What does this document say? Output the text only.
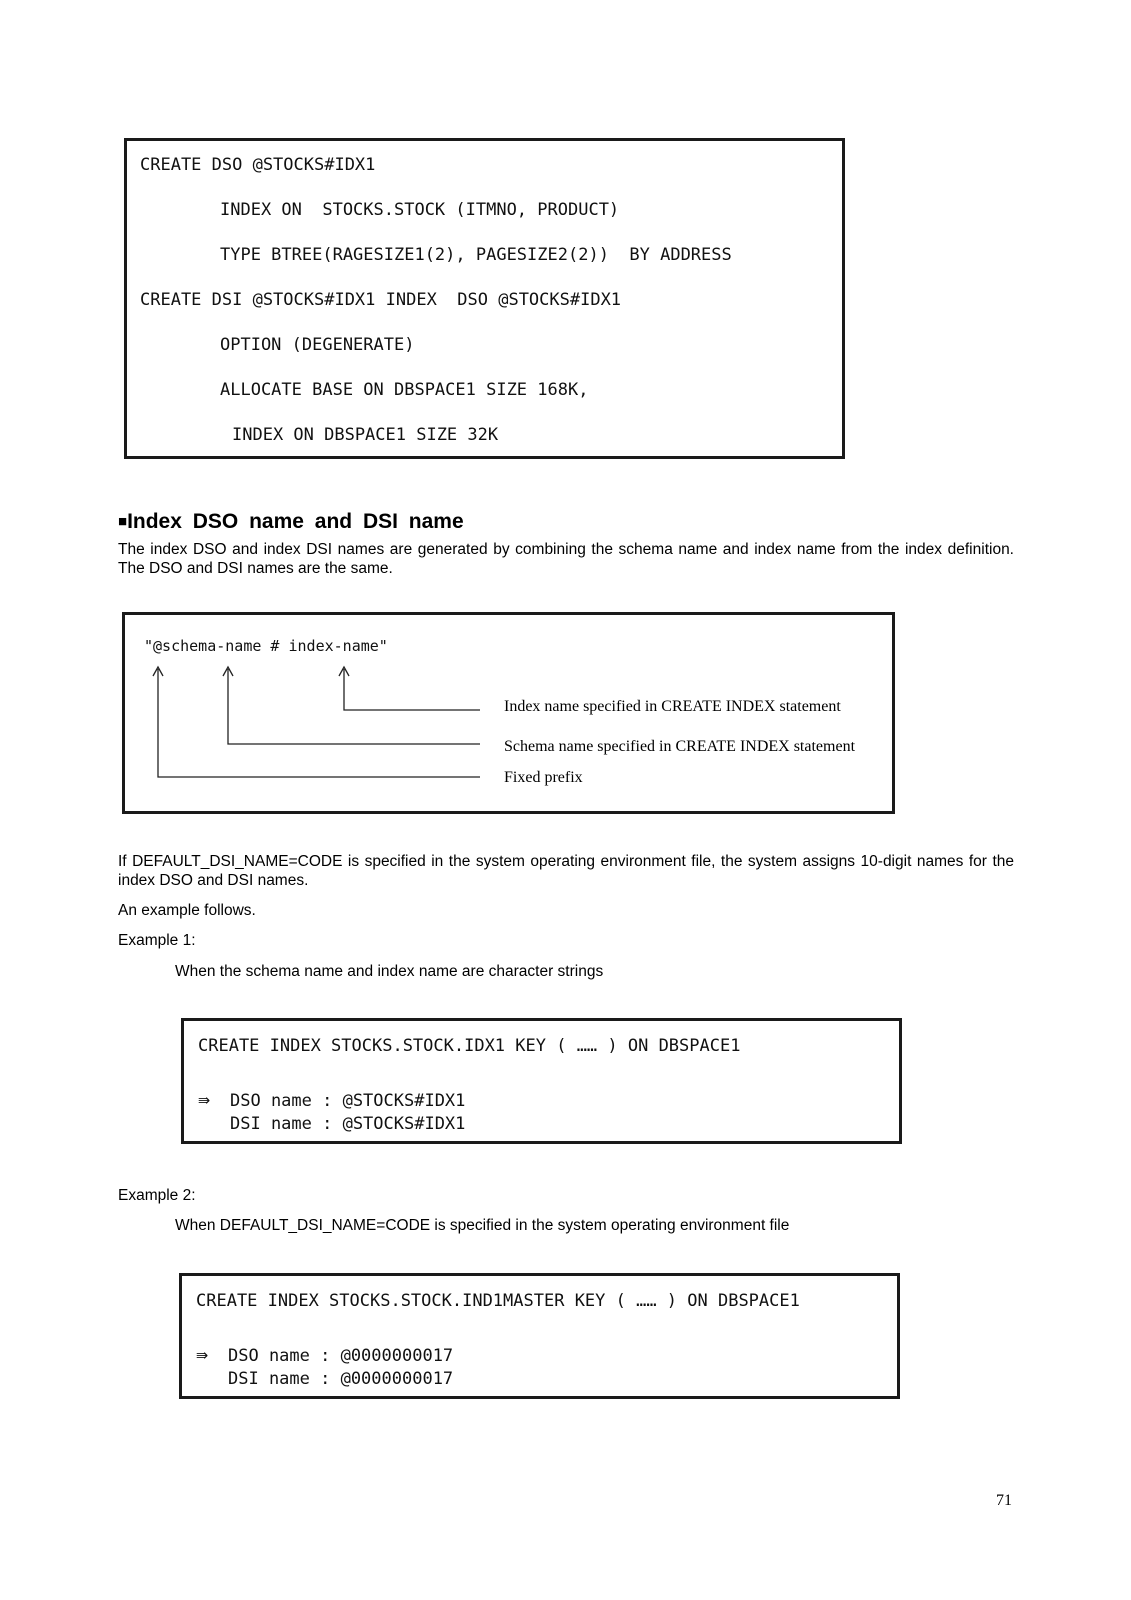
CREATE DSO @STOCKS#IDX1
INDEX ON  STOCKS.STOCK (ITMNO, PRODUCT)
TYPE BTREE(RAGESIZE1(2), PAGESIZE2(2))  BY ADDRESS
CREATE DSI @STOCKS#IDX1 INDEX  DSO @STOCKS#IDX1
OPTION (DEGENERATE)
ALLOCATE BASE ON DBSPACE1 SIZE 168K,
INDEX ON DBSPACE1 SIZE 32K
■Index DSO name and DSI name
The index DSO and index DSI names are generated by combining the schema name and index name from the index definition. The DSO and DSI names are the same.
"@schema-name # index-name"
Index name specified in CREATE INDEX statement
Schema name specified in CREATE INDEX statement
Fixed prefix
If DEFAULT_DSI_NAME=CODE is specified in the system operating environment file, the system assigns 10-digit names for the index DSO and DSI names.
An example follows.
Example 1:
When the schema name and index name are character strings
CREATE INDEX STOCKS.STOCK.IDX1 KEY ( …… ) ON DBSPACE1
⇛ DSO name : @STOCKS#IDX1
DSI name : @STOCKS#IDX1
Example 2:
When DEFAULT_DSI_NAME=CODE is specified in the system operating environment file
CREATE INDEX STOCKS.STOCK.IND1MASTER KEY ( …… ) ON DBSPACE1
⇛ DSO name : @0000000017
DSI name : @0000000017
71
